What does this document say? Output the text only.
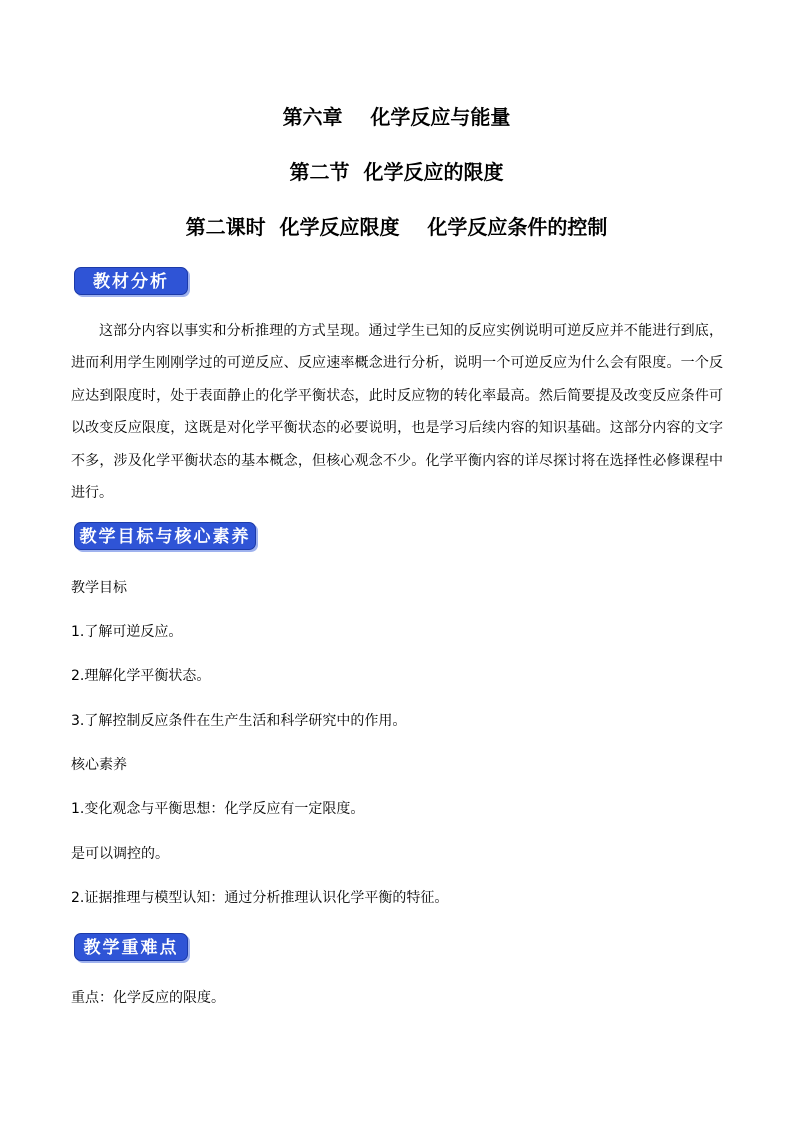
第六章    化学反应与能量
第二节  化学反应的限度
第二课时  化学反应限度    化学反应条件的控制
教材分析

这部分内容以事实和分析推理的方式呈现。通过学生已知的反应实例说明可逆反应并不能进行到底，进而利用学生刚刚学过的可逆反应、反应速率概念进行分析，说明一个可逆反应为什么会有限度。一个反应达到限度时，处于表面静止的化学平衡状态，此时反应物的转化率最高。然后简要提及改变反应条件可以改变反应限度，这既是对化学平衡状态的必要说明，也是学习后续内容的知识基础。这部分内容的文字不多，涉及化学平衡状态的基本概念，但核心观念不少。化学平衡内容的详尽探讨将在选择性必修课程中进行。

教学目标与核心素养
教学目标
1.了解可逆反应。
2.理解化学平衡状态。
3.了解控制反应条件在生产生活和科学研究中的作用。
核心素养
1.变化观念与平衡思想：化学反应有一定限度。
是可以调控的。
2.证据推理与模型认知：通过分析推理认识化学平衡的特征。
教学重难点
重点：化学反应的限度。
